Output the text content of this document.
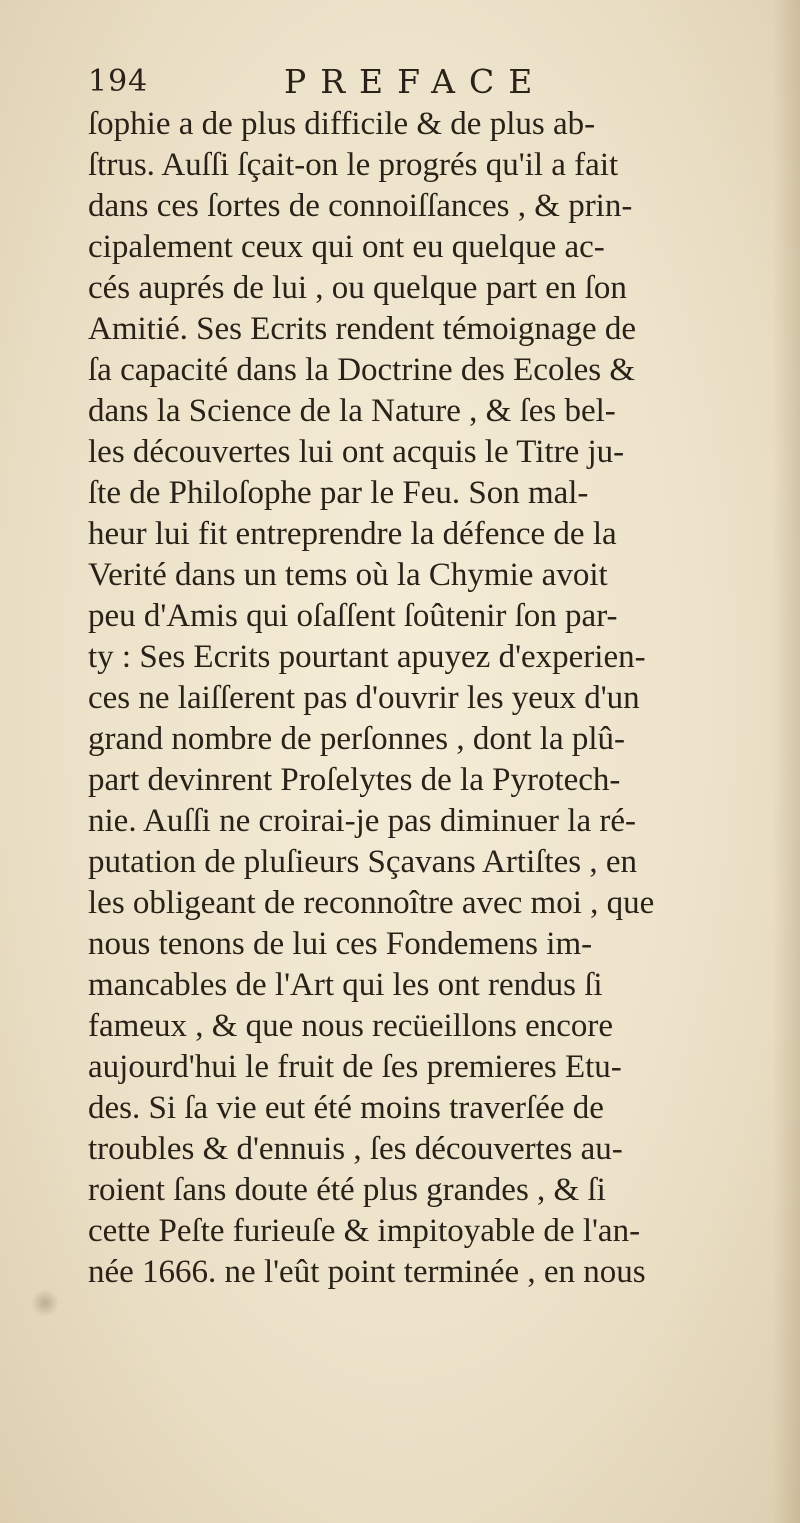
194	PREFACE
ſophie a de plus difficile & de plus ab-
ſtrus. Auſſi ſçait-on le progrés qu'il a fait
dans ces ſortes de connoiſſances , & prin-
cipalement ceux qui ont eu quelque ac-
cés auprés de lui , ou quelque part en ſon
Amitié. Ses Ecrits rendent témoignage de
ſa capacité dans la Doctrine des Ecoles &
dans la Science de la Nature , & ſes bel-
les découvertes lui ont acquis le Titre ju-
ſte de Philoſophe par le Feu. Son mal-
heur lui fit entreprendre la défence de la
Verité dans un tems où la Chymie avoit
peu d'Amis qui oſaſſent ſoûtenir ſon par-
ty : Ses Ecrits pourtant apuyez d'experien-
ces ne laiſſerent pas d'ouvrir les yeux d'un
grand nombre de perſonnes , dont la plû-
part devinrent Proſelytes de la Pyrotech-
nie. Auſſi ne croirai-je pas diminuer la ré-
putation de pluſieurs Sçavans Artiſtes , en
les obligeant de reconnoître avec moi , que
nous tenons de lui ces Fondemens im-
mancables de l'Art qui les ont rendus ſi
fameux , & que nous recüeillons encore
aujourd'hui le fruit de ſes premieres Etu-
des. Si ſa vie eut été moins traverſée de
troubles & d'ennuis , ſes découvertes au-
roient ſans doute été plus grandes , & ſi
cette Peſte furieuſe & impitoyable de l'an-
née 1666. ne l'eût point terminée , en nous
